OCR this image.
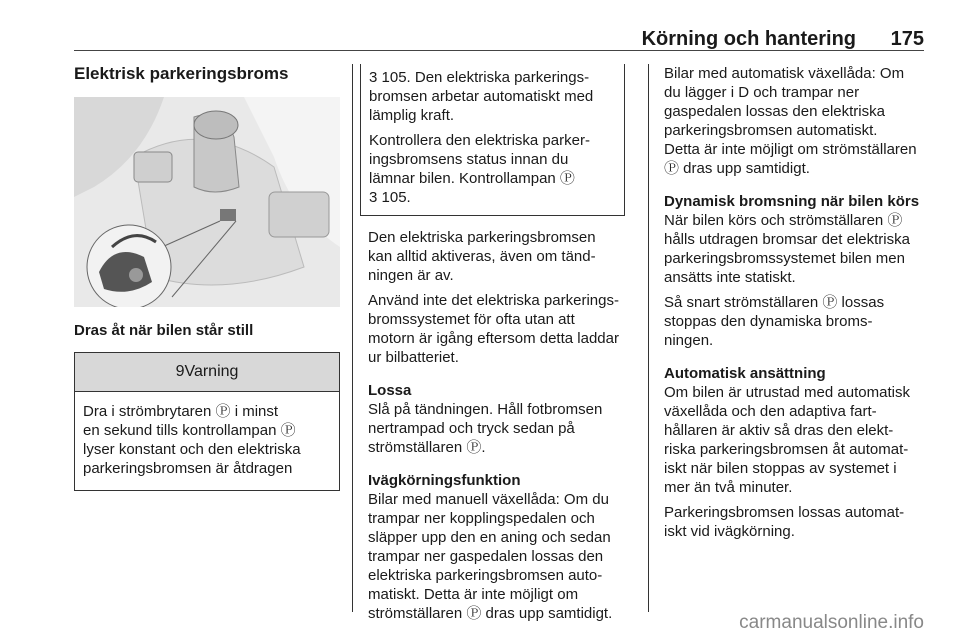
Körning och hantering 175
Elektrisk parkeringsbroms
Dras åt när bilen står still
9Varning
Dra i strömbrytaren Ⓟ i minst
en sekund tills kontrollampan Ⓟ
lyser konstant och den elektriska
parkeringsbromsen är åtdragen
3 105. Den elektriska parkerings-
bromsen arbetar automatiskt med
lämplig kraft.
Kontrollera den elektriska parker-
ingsbromsens status innan du
lämnar bilen. Kontrollampan Ⓟ
3 105.

Den elektriska parkeringsbromsen
kan alltid aktiveras, även om tänd-
ningen är av.

Använd inte det elektriska parkerings-
bromssystemet för ofta utan att
motorn är igång eftersom detta laddar
ur bilbatteriet.

Lossa

Slå på tändningen. Håll fotbromsen
nertrampad och tryck sedan på
strömställaren Ⓟ.

Ivägkörningsfunktion

Bilar med manuell växellåda: Om du
trampar ner kopplingspedalen och
släpper upp den en aning och sedan
trampar ner gaspedalen lossas den
elektriska parkeringsbromsen auto-
matiskt. Detta är inte möjligt om
strömställaren Ⓟ dras upp samtidigt.

Bilar med automatisk växellåda: Om
du lägger i D och trampar ner
gaspedalen lossas den elektriska
parkeringsbromsen automatiskt.
Detta är inte möjligt om strömställaren
Ⓟ dras upp samtidigt.

Dynamisk bromsning när bilen körs

När bilen körs och strömställaren Ⓟ
hålls utdragen bromsar det elektriska
parkeringsbromssystemet bilen men
ansätts inte statiskt.

Så snart strömställaren Ⓟ lossas
stoppas den dynamiska broms-
ningen.

Automatisk ansättning

Om bilen är utrustad med automatisk
växellåda och den adaptiva fart-
hållaren är aktiv så dras den elekt-
riska parkeringsbromsen åt automat-
iskt när bilen stoppas av systemet i
mer än två minuter.

Parkeringsbromsen lossas automat-
iskt vid ivägkörning.

carmanualsonline.info
